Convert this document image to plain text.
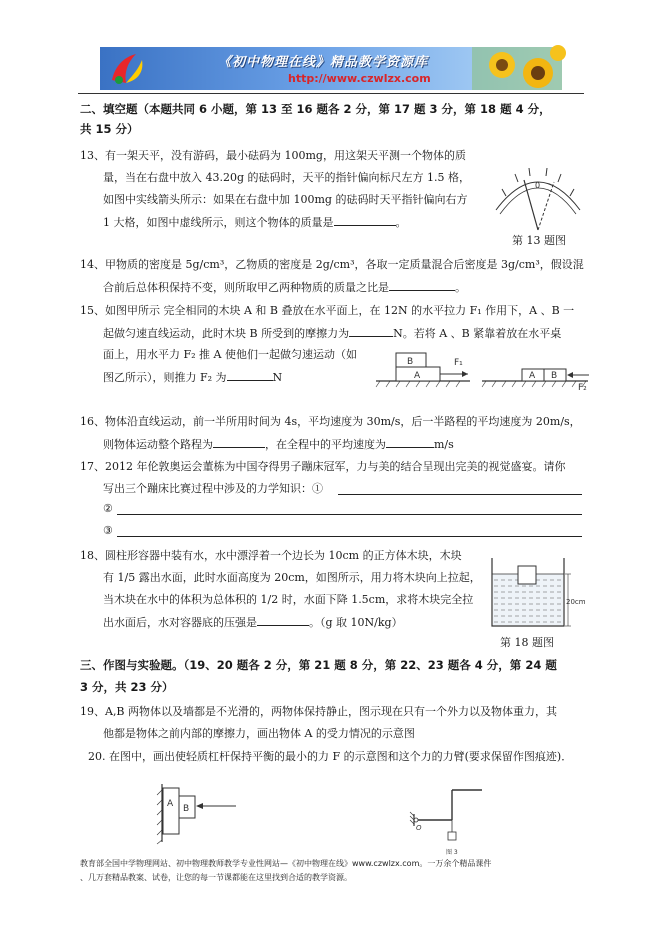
《初中物理在线》精品教学资源库
http://www.czwlzx.com
二、填空题（本题共同 6 小题，第 13 至 16 题各 2 分，第 17 题 3 分，第 18 题 4 分，
共 15 分）
13、有一架天平，没有游码，最小砝码为 100mg，用这架天平测一个物体的质
量，当在右盘中放入 43.20g 的砝码时，天平的指针偏向标尺左方 1.5 格，
如图中实线箭头所示：如果在右盘中加 100mg 的砝码时天平指针偏向右方
1 大格，如图中虚线所示，则这个物体的质量是	。
0
第 13 题图
14、甲物质的密度是 5g/cm³，乙物质的密度是 2g/cm³，各取一定质量混合后密度是 3g/cm³，假设混
合前后总体积保持不变，则所取甲乙两种物质的质量之比是	。
15、如图甲所示 完全相同的木块 A 和 B 叠放在水平面上，在 12N 的水平拉力 F₁ 作用下，A 、B 一
起做匀速直线运动，此时木块 B 所受到的摩擦力为	N。若将 A 、B 紧靠着放在水平桌
面上，用水平力 F₂ 推 A 使他们一起做匀速运动（如
图乙所示），则推力 F₂ 为	N
B
A
F₁
A B
F₂
16、物体沿直线运动，前一半所用时间为 4s，平均速度为 30m/s，后一半路程的平均速度为 20m/s，
则物体运动整个路程为	，在全程中的平均速度为	m/s
17、2012 年伦敦奥运会董栋为中国夺得男子蹦床冠军，力与美的结合呈现出完美的视觉盛宴。请你
写出三个蹦床比赛过程中涉及的力学知识：①
②
③
18、圆柱形容器中装有水，水中漂浮着一个边长为 10cm 的正方体木块，木块
有 1/5 露出水面，此时水面高度为 20cm，如图所示，用力将木块向上拉起，
当木块在水中的体积为总体积的 1/2 时，水面下降 1.5cm，求将木块完全拉
出水面后，水对容器底的压强是	。（g 取 10N/kg）
20cm
第 18 题图
三、作图与实验题。（19、20 题各 2 分，第 21 题 8 分，第 22、23 题各 4 分，第 24 题
3 分，共 23 分）
19、A,B 两物体以及墙都是不光滑的，两物体保持静止，图示现在只有一个外力以及物体重力，其
他都是物体之前内部的摩擦力，画出物体 A 的受力情况的示意图
20. 在图中，画出使轻质杠杆保持平衡的最小的力 F 的示意图和这个力的力臂(要求保留作图痕迹)．
A B
O
图 3
教育部全国中学物理网站、初中物理教师教学专业性网站—《初中物理在线》www.czwlzx.com。一万余个精品课件
、几万套精品教案、试卷，让您的每一节课都能在这里找到合适的教学资源。
